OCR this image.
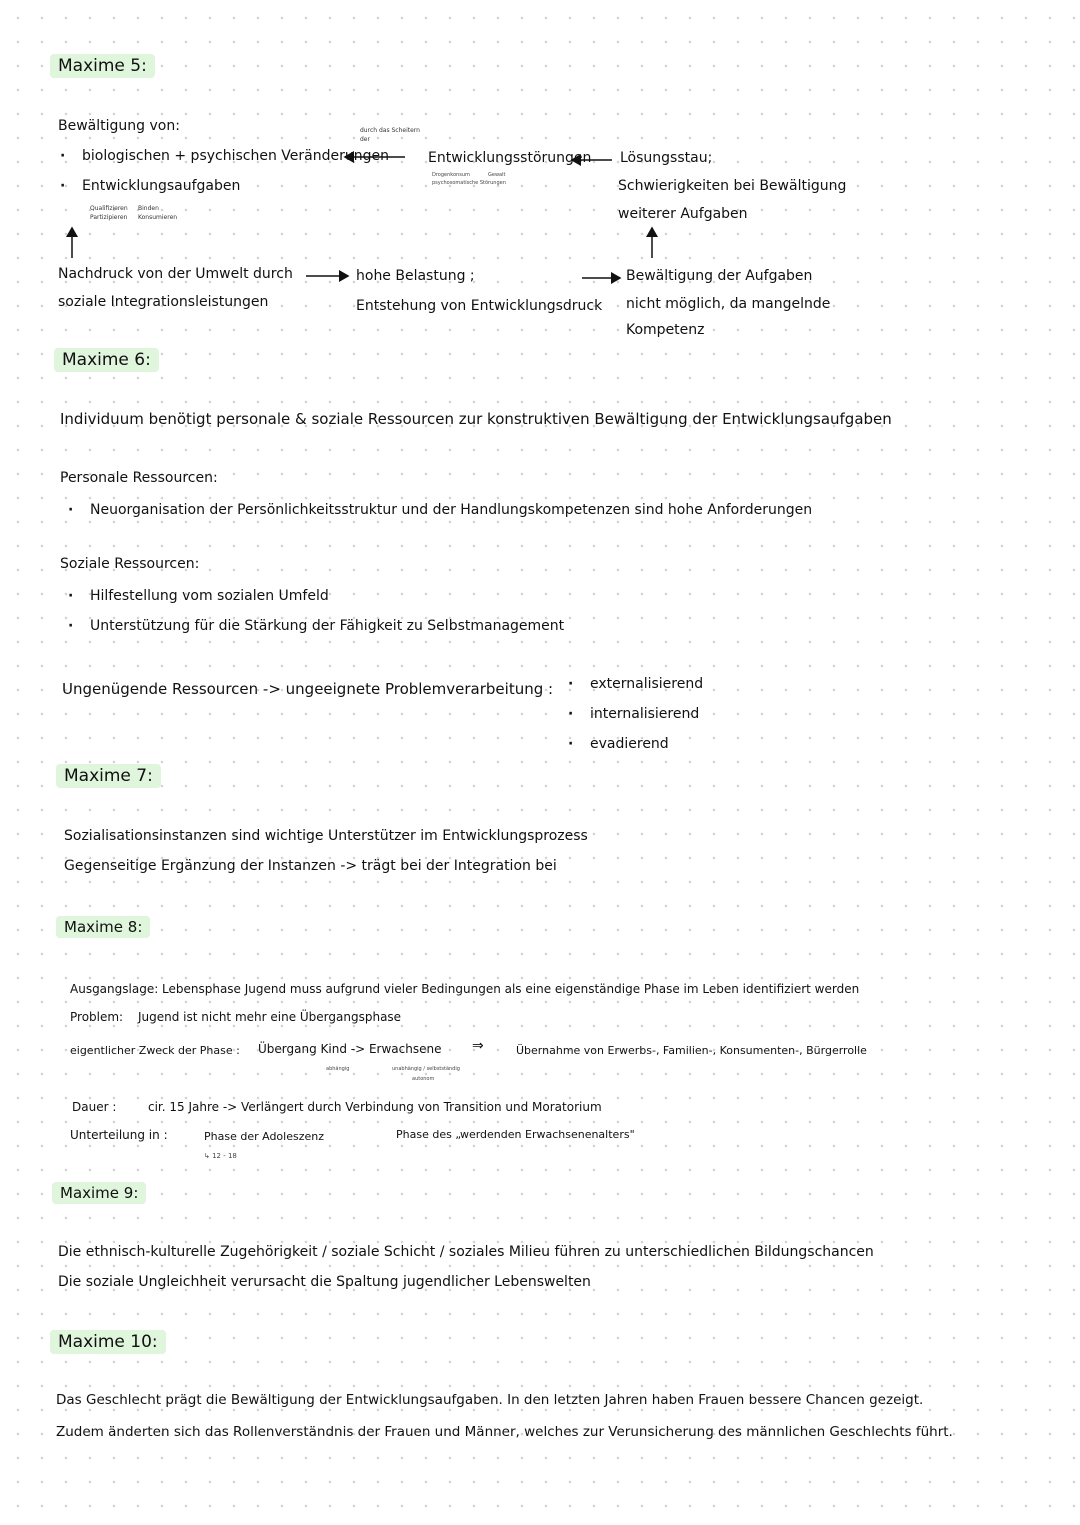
Maxime 5:
Bewältigung von:
· biologischen + psychischen Veränderungen
· Entwicklungsaufgaben
Qualifizieren Binden
Partizipieren Konsumieren
durch das Scheitern der
Entwicklungsstörungen
Drogenkonsum	Gewalt
psychosomatische Störungen
Lösungsstau;
Schwierigkeiten bei Bewältigung
weiterer Aufgaben
Nachdruck von der Umwelt durch
soziale Integrationsleistungen
hohe Belastung ;
Entstehung von Entwicklungsdruck
Bewältigung der Aufgaben
nicht möglich, da mangelnde
Kompetenz
Maxime 6:
Individuum benötigt personale & soziale Ressourcen zur konstruktiven Bewältigung der Entwicklungsaufgaben
Personale Ressourcen:
· Neuorganisation der Persönlichkeitsstruktur und der Handlungskompetenzen sind hohe Anforderungen
Soziale Ressourcen:
· Hilfestellung vom sozialen Umfeld
· Unterstützung für die Stärkung der Fähigkeit zu Selbstmanagement
Ungenügende Ressourcen -> ungeeignete Problemverarbeitung :
·	externalisierend
· internalisierend
· evadierend
Maxime 7:
Sozialisationsinstanzen sind wichtige Unterstützer im Entwicklungsprozess
Gegenseitige Ergänzung der Instanzen -> trägt bei der Integration bei
Maxime 8:
Ausgangslage: Lebensphase Jugend muss aufgrund vieler Bedingungen als eine eigenständige Phase im Leben identifiziert werden
Problem: Jugend ist nicht mehr eine Übergangsphase
eigentlicher Zweck der Phase : Übergang Kind -> Erwachsene ⇒
abhängig	unabhängig / selbstständig
autonom
Übernahme von Erwerbs-, Familien-, Konsumenten-, Bürgerrolle
Dauer :	cir. 15 Jahre -> Verlängert durch Verbindung von Transition und Moratorium
Unterteilung in :	Phase der Adoleszenz
↳ 12 - 18
Phase des „werdenden Erwachsenenalters"
Maxime 9:
Die ethnisch-kulturelle Zugehörigkeit / soziale Schicht / soziales Milieu führen zu unterschiedlichen Bildungschancen
Die soziale Ungleichheit verursacht die Spaltung jugendlicher Lebenswelten
Maxime 10:
Das Geschlecht prägt die Bewältigung der Entwicklungsaufgaben. In den letzten Jahren haben Frauen bessere Chancen gezeigt.
Zudem änderten sich das Rollenverständnis der Frauen und Männer, welches zur Verunsicherung des männlichen Geschlechts führt.
